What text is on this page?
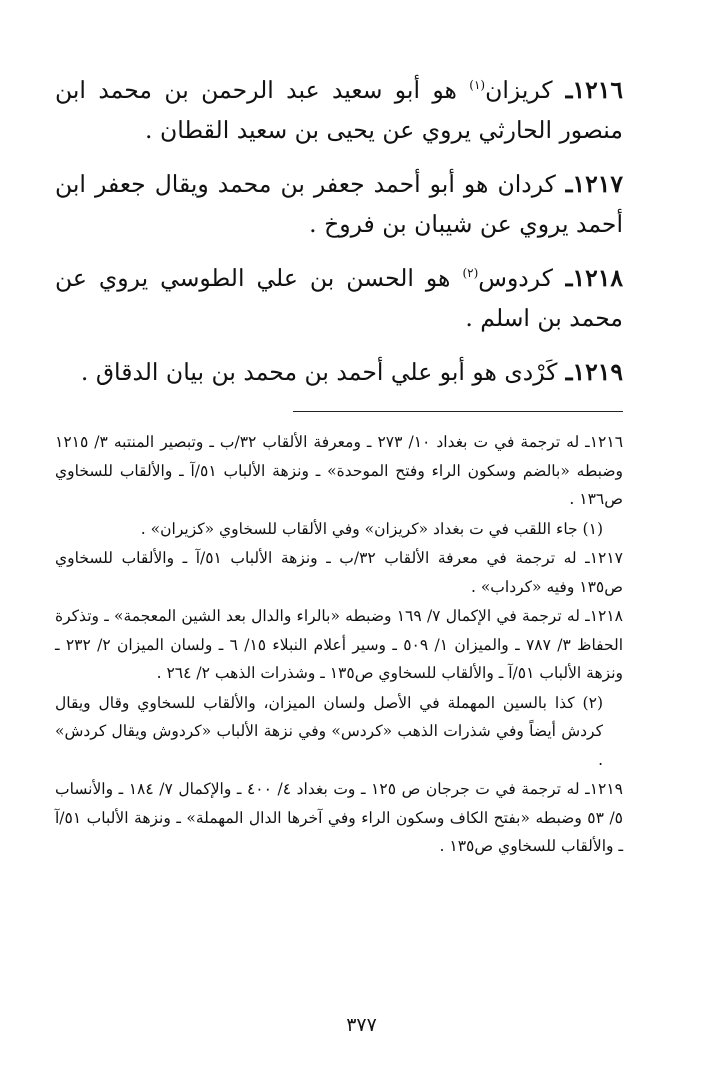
١٢١٦ـ كريزان$^{(١)}$ هو أبو سعيد عبد الرحمن بن محمد ابن منصور الحارثي يروي عن يحيى بن سعيد القطان .

١٢١٧ـ كردان هو أبو أحمد جعفر بن محمد ويقال جعفر ابن أحمد يروي عن شيبان بن فروخ .

١٢١٨ـ كردوس$^{(٢)}$ هو الحسن بن علي الطوسي يروي عن محمد بن اسلم .

١٢١٩ـ كَرْدى هو أبو علي أحمد بن محمد بن بيان الدقاق .

١٢١٦ـ له ترجمة في ت بغداد ١٠/ ٢٧٣ ـ ومعرفة الألقاب ٣٢/ب ـ وتبصير المنتبه ٣/ ١٢١٥ وضبطه «بالضم وسكون الراء وفتح الموحدة» ـ ونزهة الألباب ٥١/آ ـ والألقاب للسخاوي ص١٣٦ .

(١) جاء اللقب في ت بغداد «كريزان» وفي الألقاب للسخاوي «كزيران» .

١٢١٧ـ له ترجمة في معرفة الألقاب ٣٢/ب ـ ونزهة الألباب ٥١/آ ـ والألقاب للسخاوي ص١٣٥ وفيه «كرداب» .

١٢١٨ـ له ترجمة في الإكمال ٧/ ١٦٩ وضبطه «بالراء والدال بعد الشين المعجمة» ـ وتذكرة الحفاظ ٣/ ٧٨٧ ـ والميزان ١/ ٥٠٩ ـ وسير أعلام النبلاء ١٥/ ٦ ـ ولسان الميزان ٢/ ٢٣٢ ـ ونزهة الألباب ٥١/آ ـ والألقاب للسخاوي ص١٣٥ ـ وشذرات الذهب ٢/ ٢٦٤ .

(٢) كذا بالسين المهملة في الأصل ولسان الميزان، والألقاب للسخاوي وقال ويقال كردش أيضاً وفي شذرات الذهب «كردس» وفي نزهة الألباب «كردوش ويقال كردش» .

١٢١٩ـ له ترجمة في ت جرجان ص ١٢٥ ـ وت بغداد ٤/ ٤٠٠ ـ والإكمال ٧/ ١٨٤ ـ والأنساب ٥/ ٥٣ وضبطه «بفتح الكاف وسكون الراء وفي آخرها الدال المهملة» ـ ونزهة الألباب ٥١/آ ـ والألقاب للسخاوي ص١٣٥ .

٣٧٧
